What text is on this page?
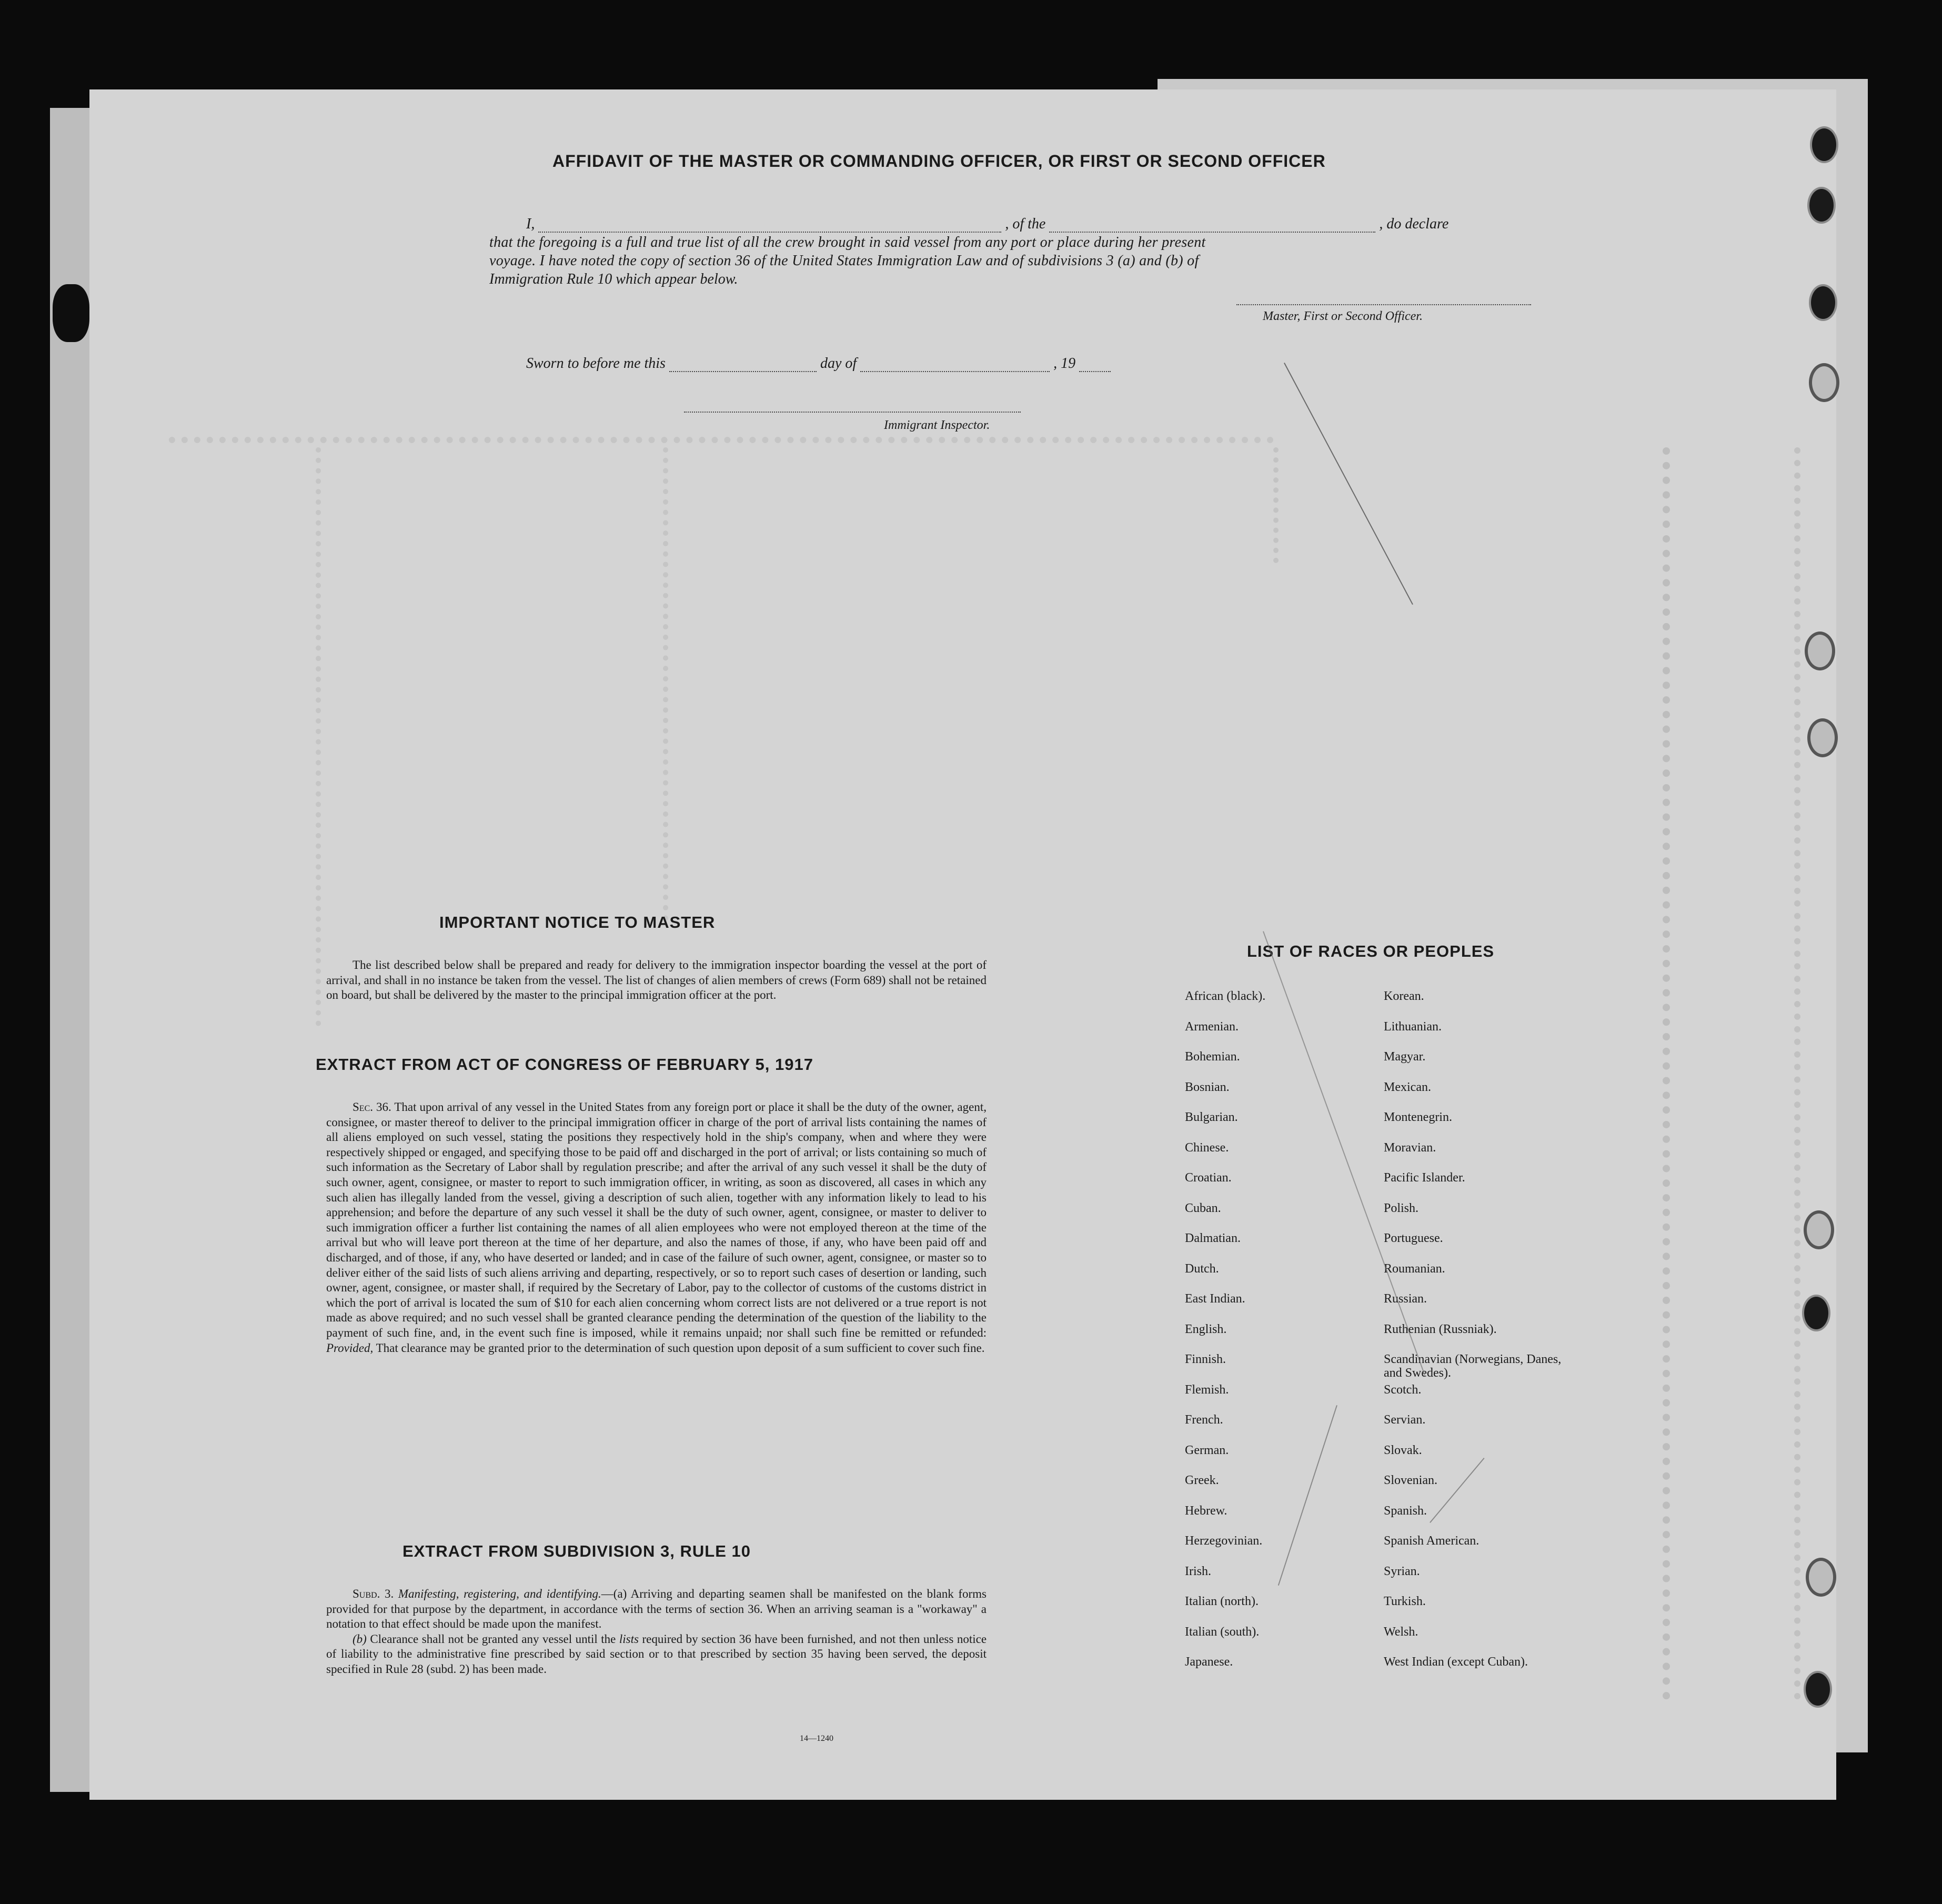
AFFIDAVIT OF THE MASTER OR COMMANDING OFFICER, OR FIRST OR SECOND OFFICER
I,	, of the	, do declare
that the foregoing is a full and true list of all the crew brought in said vessel from any port or place during her present
voyage. I have noted the copy of section 36 of the United States Immigration Law and of subdivisions 3 (a) and (b) of
Immigration Rule 10 which appear below.
Master, First or Second Officer.
Sworn to before me this	day of	, 19
Immigrant Inspector.
IMPORTANT NOTICE TO MASTER

The list described below shall be prepared and ready for delivery to the immigration inspector boarding the vessel at the port of arrival, and shall in no instance be taken from the vessel. The list of changes of alien members of crews (Form 689) shall not be retained on board, but shall be delivered by the master to the principal immigration officer at the port.

EXTRACT FROM ACT OF CONGRESS OF FEBRUARY 5, 1917

Sec. 36. That upon arrival of any vessel in the United States from any foreign port or place it shall be the duty of the owner, agent, consignee, or master thereof to deliver to the principal immigration officer in charge of the port of arrival lists containing the names of all aliens employed on such vessel, stating the positions they respectively hold in the ship's company, when and where they were respectively shipped or engaged, and specifying those to be paid off and discharged in the port of arrival; or lists containing so much of such information as the Secretary of Labor shall by regulation prescribe; and after the arrival of any such vessel it shall be the duty of such owner, agent, consignee, or master to report to such immigration officer, in writing, as soon as discovered, all cases in which any such alien has illegally landed from the vessel, giving a description of such alien, together with any information likely to lead to his apprehension; and before the departure of any such vessel it shall be the duty of such owner, agent, consignee, or master to deliver to such immigration officer a further list containing the names of all alien employees who were not employed thereon at the time of the arrival but who will leave port thereon at the time of her departure, and also the names of those, if any, who have been paid off and discharged, and of those, if any, who have deserted or landed; and in case of the failure of such owner, agent, consignee, or master so to deliver either of the said lists of such aliens arriving and departing, respectively, or so to report such cases of desertion or landing, such owner, agent, consignee, or master shall, if required by the Secretary of Labor, pay to the collector of customs of the customs district in which the port of arrival is located the sum of $10 for each alien concerning whom correct lists are not delivered or a true report is not made as above required; and no such vessel shall be granted clearance pending the determination of the question of the liability to the payment of such fine, and, in the event such fine is imposed, while it remains unpaid; nor shall such fine be remitted or refunded: Provided, That clearance may be granted prior to the determination of such question upon deposit of a sum sufficient to cover such fine.

EXTRACT FROM SUBDIVISION 3, RULE 10

Subd. 3. Manifesting, registering, and identifying.—(a) Arriving and departing seamen shall be manifested on the blank forms provided for that purpose by the department, in accordance with the terms of section 36. When an arriving seaman is a "workaway" a notation to that effect should be made upon the manifest.

(b) Clearance shall not be granted any vessel until the lists required by section 36 have been furnished, and not then unless notice of liability to the administrative fine prescribed by said section or to that prescribed by section 35 having been served, the deposit specified in Rule 28 (subd. 2) has been made.

14—1240
LIST OF RACES OR PEOPLES
African (black).
Armenian.
Bohemian.
Bosnian.
Bulgarian.
Chinese.
Croatian.
Cuban.
Dalmatian.
Dutch.
East Indian.
English.
Finnish.
Flemish.
French.
German.
Greek.
Hebrew.
Herzegovinian.
Irish.
Italian (north).
Italian (south).
Japanese.
Korean.
Lithuanian.
Magyar.
Mexican.
Montenegrin.
Moravian.
Pacific Islander.
Polish.
Portuguese.
Roumanian.
Russian.
Ruthenian (Russniak).
Scandinavian (Norwegians, Danes, and Swedes).
Scotch.
Servian.
Slovak.
Slovenian.
Spanish.
Spanish American.
Syrian.
Turkish.
Welsh.
West Indian (except Cuban).
